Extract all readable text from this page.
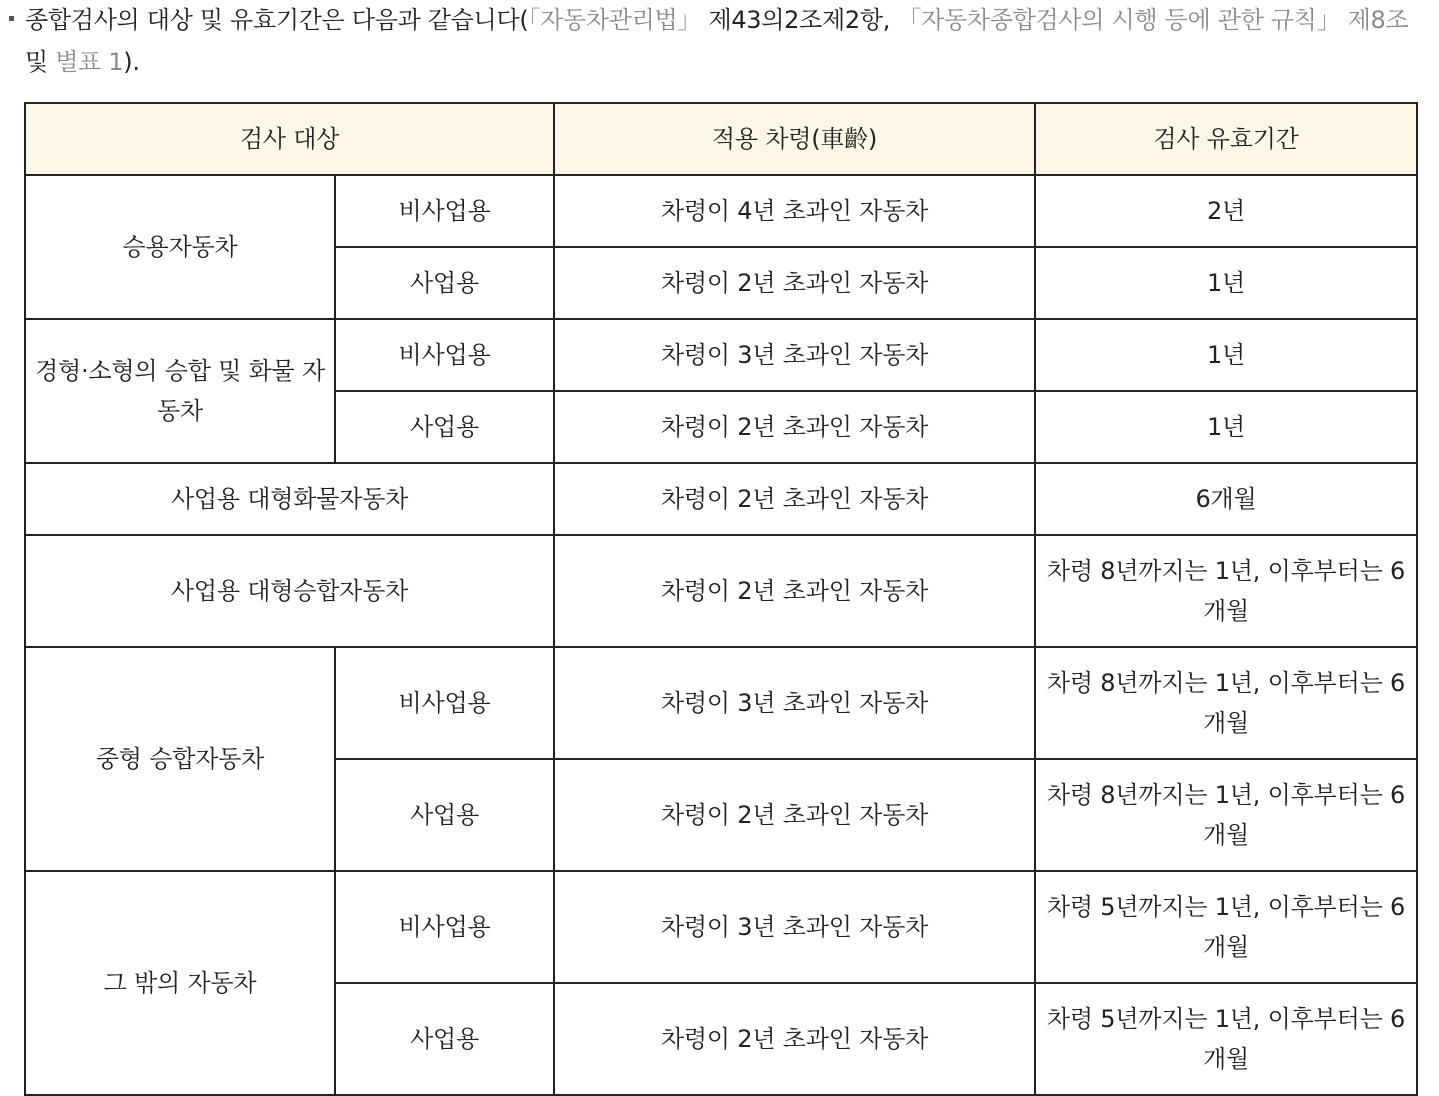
종합검사의 대상 및 유효기간은 다음과 같습니다(「자동차관리법」 제43의2조제2항, 「자동차종합검사의 시행 등에 관한 규칙」 제8조 및 별표 1).
검사 대상		적용 차령(車齡)	검사 유효기간
승용자동차	비사업용	차령이 4년 초과인 자동차	2년
	사업용	차령이 2년 초과인 자동차	1년
경형·소형의 승합 및 화물 자동차	비사업용	차령이 3년 초과인 자동차	1년
	사업용	차령이 2년 초과인 자동차	1년
사업용 대형화물자동차		차령이 2년 초과인 자동차	6개월
사업용 대형승합자동차		차령이 2년 초과인 자동차	차령 8년까지는 1년, 이후부터는 6개월
중형 승합자동차	비사업용	차령이 3년 초과인 자동차	차령 8년까지는 1년, 이후부터는 6개월
	사업용	차령이 2년 초과인 자동차	차령 8년까지는 1년, 이후부터는 6개월
그 밖의 자동차	비사업용	차령이 3년 초과인 자동차	차령 5년까지는 1년, 이후부터는 6개월
	사업용	차령이 2년 초과인 자동차	차령 5년까지는 1년, 이후부터는 6개월
